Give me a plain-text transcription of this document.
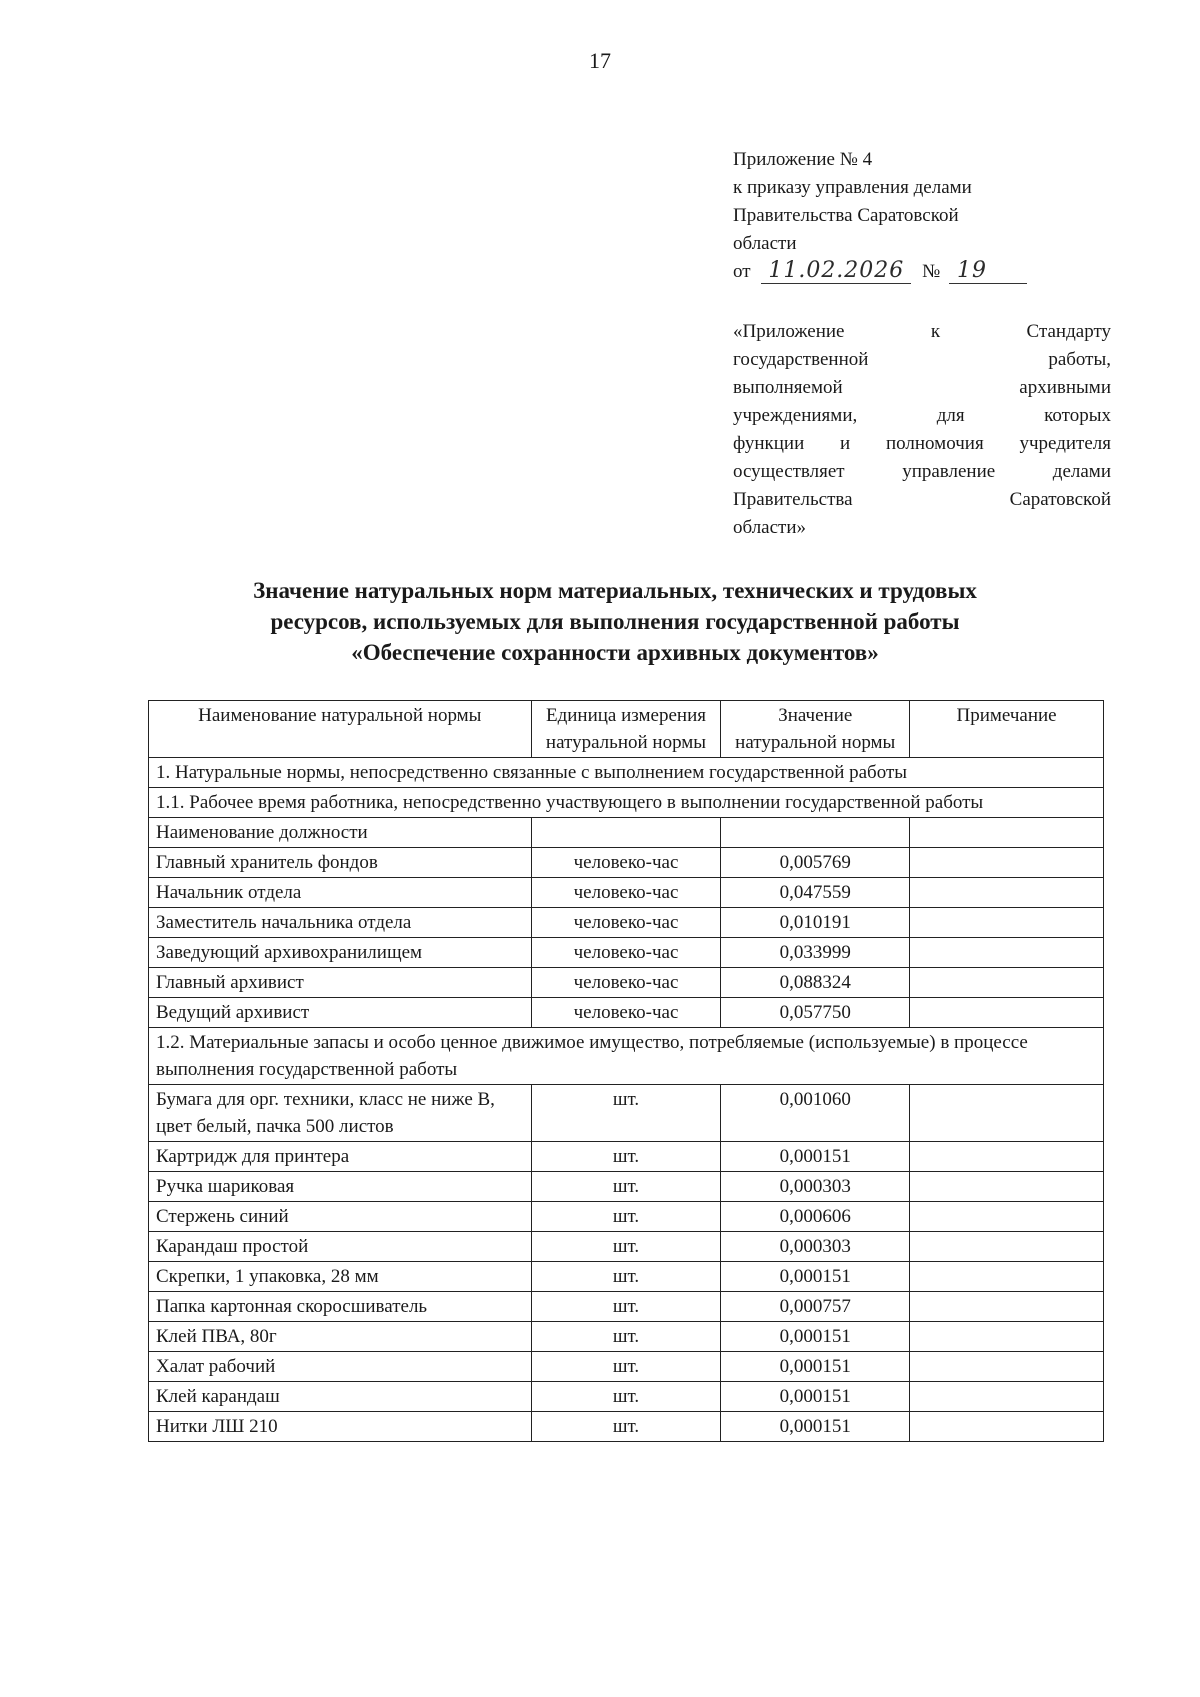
17
Приложение № 4
к приказу управления делами
Правительства Саратовской
области
от 11.02.2026 № 19
«Приложение к Стандарту
государственной работы,
выполняемой архивными
учреждениями, для которых
функции и полномочия учредителя
осуществляет управление делами
Правительства Саратовской
области»
Значение натуральных норм материальных, технических и трудовых
ресурсов, используемых для выполнения государственной работы
«Обеспечение сохранности архивных документов»
Наименование натуральной нормы	Единица измерения натуральной нормы	Значение натуральной нормы	Примечание
1. Натуральные нормы, непосредственно связанные с выполнением государственной работы			
1.1. Рабочее время работника, непосредственно участвующего в выполнении государственной работы			
Наименование должности			
Главный хранитель фондов	человеко-час	0,005769	
Начальник отдела	человеко-час	0,047559	
Заместитель начальника отдела	человеко-час	0,010191	
Заведующий архивохранилищем	человеко-час	0,033999	
Главный архивист	человеко-час	0,088324	
Ведущий архивист	человеко-час	0,057750	
1.2. Материальные запасы и особо ценное движимое имущество, потребляемые (используемые) в процессе выполнения государственной работы			
Бумага для орг. техники, класс не ниже В, цвет белый, пачка 500 листов	шт.	0,001060	
Картридж для принтера	шт.	0,000151	
Ручка шариковая	шт.	0,000303	
Стержень синий	шт.	0,000606	
Карандаш простой	шт.	0,000303	
Скрепки, 1 упаковка, 28 мм	шт.	0,000151	
Папка картонная скоросшиватель	шт.	0,000757	
Клей ПВА, 80г	шт.	0,000151	
Халат рабочий	шт.	0,000151	
Клей карандаш	шт.	0,000151	
Нитки ЛШ 210	шт.	0,000151	
